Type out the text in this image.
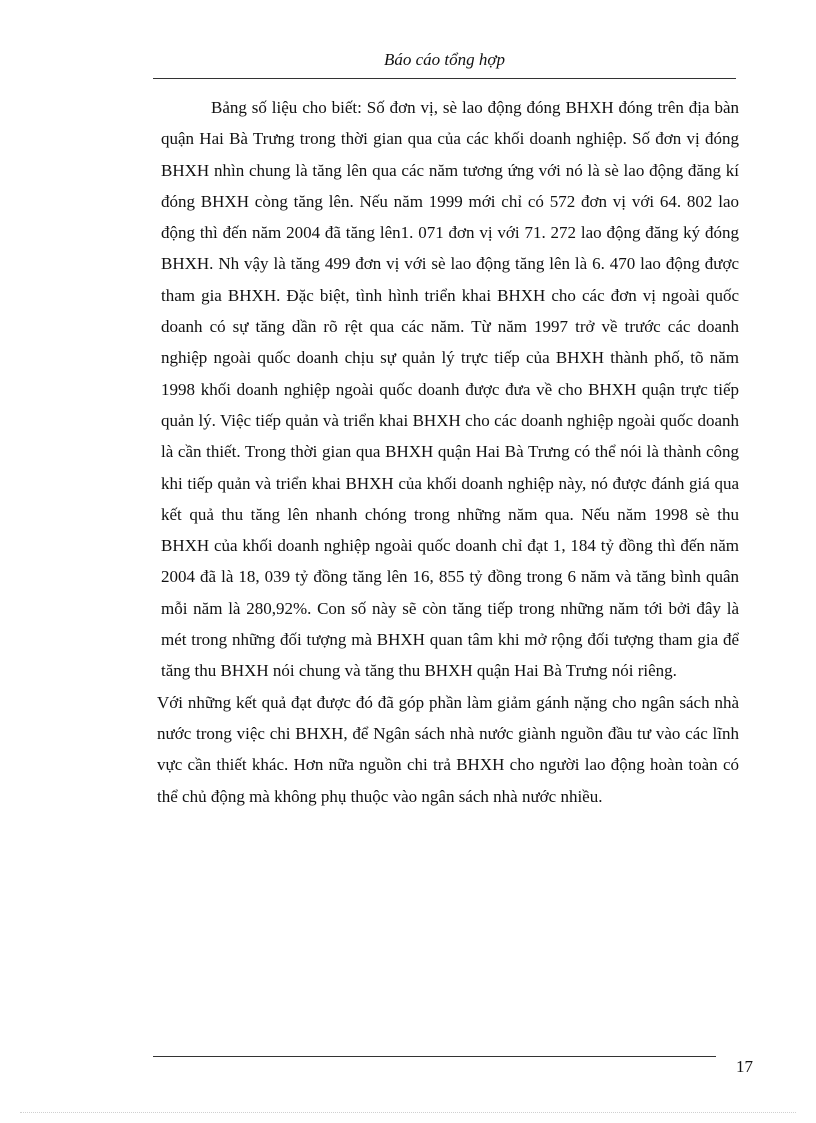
Báo cáo tổng hợp

Bảng số liệu cho biết: Số đơn vị, sè lao động đóng BHXH đóng trên địa bàn quận Hai Bà Trưng trong thời gian qua của các khối doanh nghiệp. Số đơn vị đóng BHXH nhìn chung là tăng lên qua các năm tương ứng với nó là sè lao động đăng kí đóng BHXH còng tăng lên. Nếu năm 1999 mới chỉ có 572 đơn vị với 64. 802 lao động thì đến năm 2004 đã tăng lên1. 071 đơn vị với 71. 272 lao động đăng ký đóng BHXH. Nh vậy là tăng 499 đơn vị với sè lao động tăng lên là 6. 470 lao động được tham gia BHXH. Đặc biệt, tình hình triển khai BHXH cho các đơn vị ngoài quốc doanh có sự tăng dần rõ rệt qua các năm. Từ năm 1997 trở về trước các doanh nghiệp ngoài quốc doanh chịu sự quản lý trực tiếp của BHXH thành phố, tõ năm 1998 khối doanh nghiệp ngoài quốc doanh được đưa về cho BHXH quận trực tiếp quản lý. Việc tiếp quản và triển khai BHXH cho các doanh nghiệp ngoài quốc doanh là cần thiết. Trong thời gian qua BHXH quận Hai Bà Trưng có thể nói là thành công khi tiếp quản và triển khai BHXH của khối doanh nghiệp này, nó được đánh giá qua kết quả thu tăng lên nhanh chóng trong những năm qua. Nếu năm 1998 sè thu BHXH của khối doanh nghiệp ngoài quốc doanh chỉ đạt 1, 184 tỷ đồng thì đến năm 2004 đã là 18, 039 tỷ đồng tăng lên 16, 855 tỷ đồng trong 6 năm và tăng bình quân mỗi năm là 280,92%. Con số này sẽ còn tăng tiếp trong những năm tới bởi đây là mét trong những đối tượng mà BHXH quan tâm khi mở rộng đối tượng tham gia để tăng thu BHXH nói chung và tăng thu BHXH quận Hai Bà Trưng nói riêng.

Với những kết quả đạt được đó đã góp phần làm giảm gánh nặng cho ngân sách nhà nước trong việc chi BHXH, để Ngân sách nhà nước giành nguồn đầu tư vào các lĩnh vực cần thiết khác. Hơn nữa nguồn chi trả BHXH cho người lao động hoàn toàn có thể chủ động mà không phụ thuộc vào ngân sách nhà nước nhiều.

17
